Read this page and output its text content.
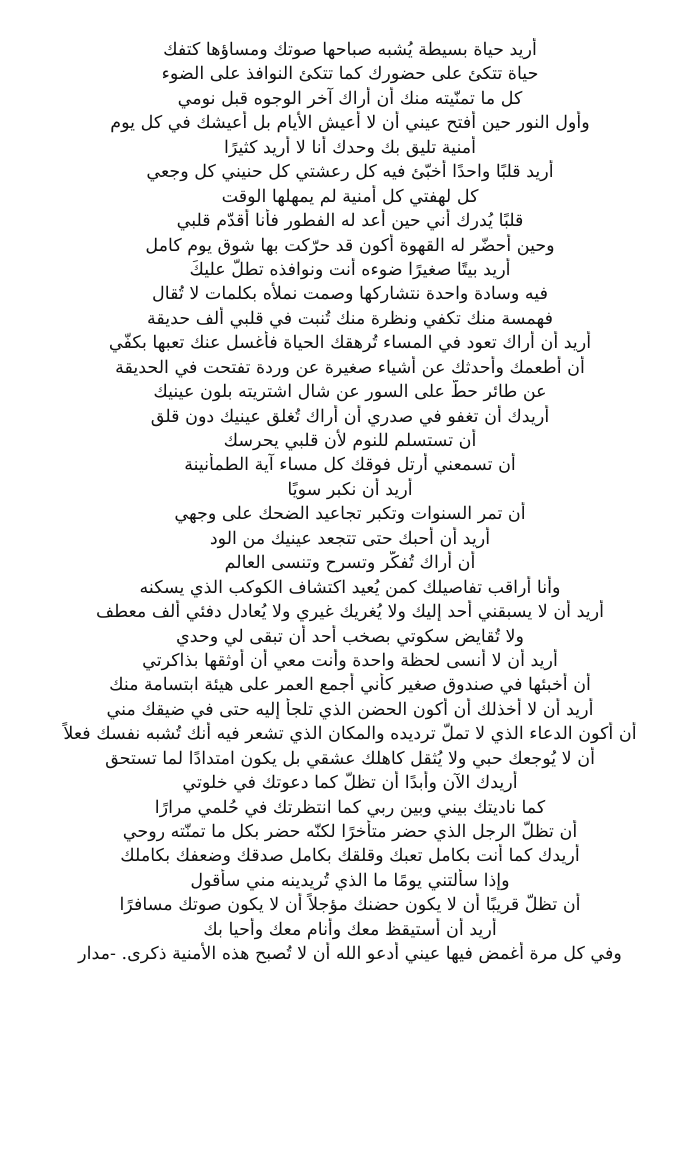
أُريد حياة بسيطة يُشبه صباحها صوتك ومساؤها كتفك
حياة تتكئ على حضورك كما تتكئ النوافذ على الضوء
كل ما تمنّيته منك أن أراك آخر الوجوه قبل نومي
وأول النور حين أفتح عيني أن لا أعيش الأيام بل أعيشك في كل يوم
أمنية تليق بك وحدك أنا لا أُريد كثيرًا
أُريد قلبًا واحدًا أُخبّئ فيه كل رعشتي كل حنيني كل وجعي
كل لهفتي كل أمنية لم يمهلها الوقت
قلبًا يُدرك أني حين أعد له الفطور فأنا أُقدّم قلبي
وحين أُحضّر له القهوة أكون قد حرّكت بها شوق يوم كامل
أُريد بيتًا صغيرًا ضوءه أنت ونوافذه تطلّ عليكَ
فيه وسادة واحدة نتشاركها وصمت نملأه بكلمات لا تُقال
فهمسة منك تكفي ونظرة منك تُنبت في قلبي ألف حديقة
أُريد أن أراك تعود في المساء تُرهقك الحياة فأغسل عنك تعبها بكفّي
أن أُطعمك وأُحدثك عن أشياء صغيرة عن وردة تفتحت في الحديقة
عن طائر حطّ على السور عن شال اشتريته بلون عينيك
أُريدك أن تغفو في صدري أن أراك تُغلق عينيك دون قلق
أن تستسلم للنوم لأن قلبي يحرسك
أن تسمعني أُرتل فوقك كل مساء آية الطمأنينة
أُريد أن نكبر سويًا
أن تمر السنوات وتكبر تجاعيد الضحك على وجهي
أُريد أن أُحبك حتى تتجعد عينيك من الود
أن أراك تُفكّر وتسرح وتنسى العالم
وأنا أُراقب تفاصيلك كمن يُعيد اكتشاف الكوكب الذي يسكنه
أُريد أن لا يسبقني أحد إليك ولا يُغريك غيري ولا يُعادل دفئي ألف معطف
ولا تُقايض سكوتي بصخب أحد أن تبقى لي وحدي
أُريد أن لا أنسى لحظة واحدة وأنت معي أن أُوثقها بذاكرتي
أن أُخبئها في صندوق صغير كأني أجمع العمر على هيئة ابتسامة منك
أُريد أن لا أخذلك أن أكون الحضن الذي تلجأ إليه حتى في ضيقك مني
أن أكون الدعاء الذي لا تملّ ترديده والمكان الذي تشعر فيه أنك تُشبه نفسك فعلاً
أن لا يُوجعك حبي ولا يُثقل كاهلك عشقي بل يكون امتدادًا لما تستحق
أُريدك الآن وأبدًا أن تظلّ كما دعوتك في خلوتي
كما ناديتك بيني وبين ربي كما انتظرتك في حُلمي مرارًا
أن تظلّ الرجل الذي حضر متأخرًا لكنّه حضر بكل ما تمنّته روحي
أُريدك كما أنت بكامل تعبك وقلقك بكامل صدقك وضعفك بكاملك
وإذا سألتني يومًا ما الذي تُريدينه مني سأقول
أن تظلّ قريبًا أن لا يكون حضنك مؤجلاً أن لا يكون صوتك مسافرًا
أُريد أن أستيقظ معك وأنام معك وأحيا بك
وفي كل مرة أُغمض فيها عيني أدعو الله أن لا تُصبح هذه الأمنية ذكرى. -مدار
